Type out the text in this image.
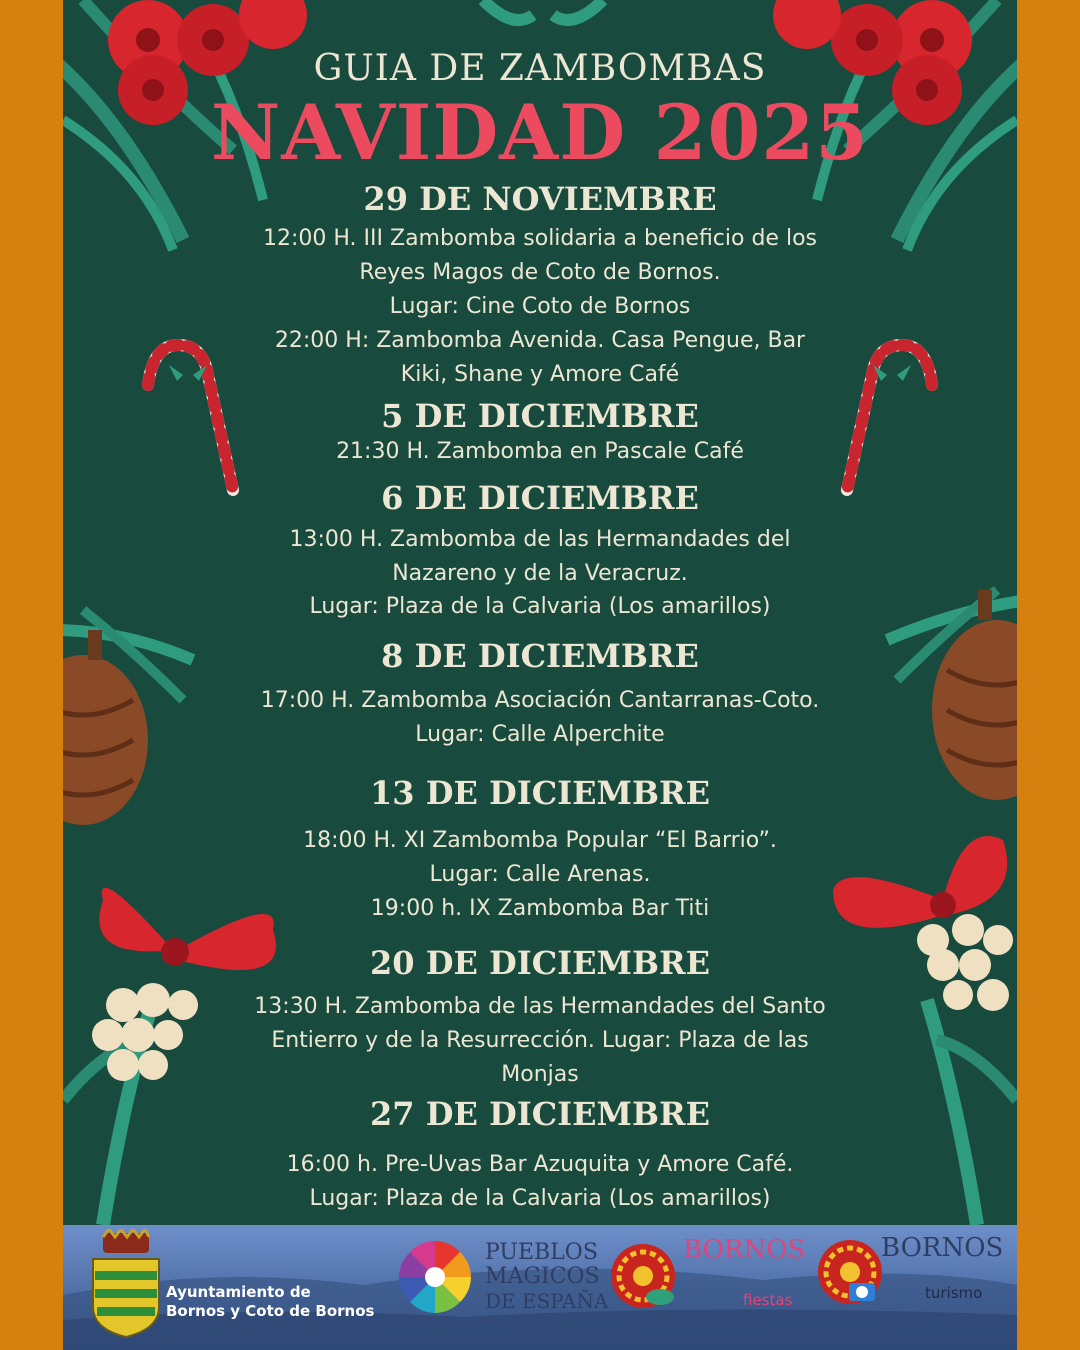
GUIA DE ZAMBOMBAS
NAVIDAD 2025
29 DE NOVIEMBRE
12:00 H. III Zambomba solidaria a beneficio de los
Reyes Magos de Coto de Bornos.
Lugar: Cine Coto de Bornos
22:00 H: Zambomba Avenida. Casa Pengue, Bar
Kiki, Shane y Amore Café
5 DE DICIEMBRE
21:30 H. Zambomba en Pascale Café
6 DE DICIEMBRE
13:00 H. Zambomba de las Hermandades del
Nazareno y de la Veracruz.
Lugar: Plaza de la Calvaria (Los amarillos)
8 DE DICIEMBRE
17:00 H. Zambomba Asociación Cantarranas-Coto.
Lugar: Calle Alperchite
13 DE DICIEMBRE
18:00 H. XI Zambomba Popular “El Barrio”.
Lugar: Calle Arenas.
19:00 h. IX Zambomba Bar Titi
20 DE DICIEMBRE
13:30 H. Zambomba de las Hermandades del Santo
Entierro y de la Resurrección. Lugar: Plaza de las
Monjas
27 DE DICIEMBRE
16:00 h. Pre-Uvas Bar Azuquita y Amore Café.
Lugar: Plaza de la Calvaria (Los amarillos)
Ayuntamiento de
Bornos y Coto de Bornos
PUEBLOS
MAGICOS
DE ESPAÑA
BORNOS
fiestas
BORNOS
turismo
